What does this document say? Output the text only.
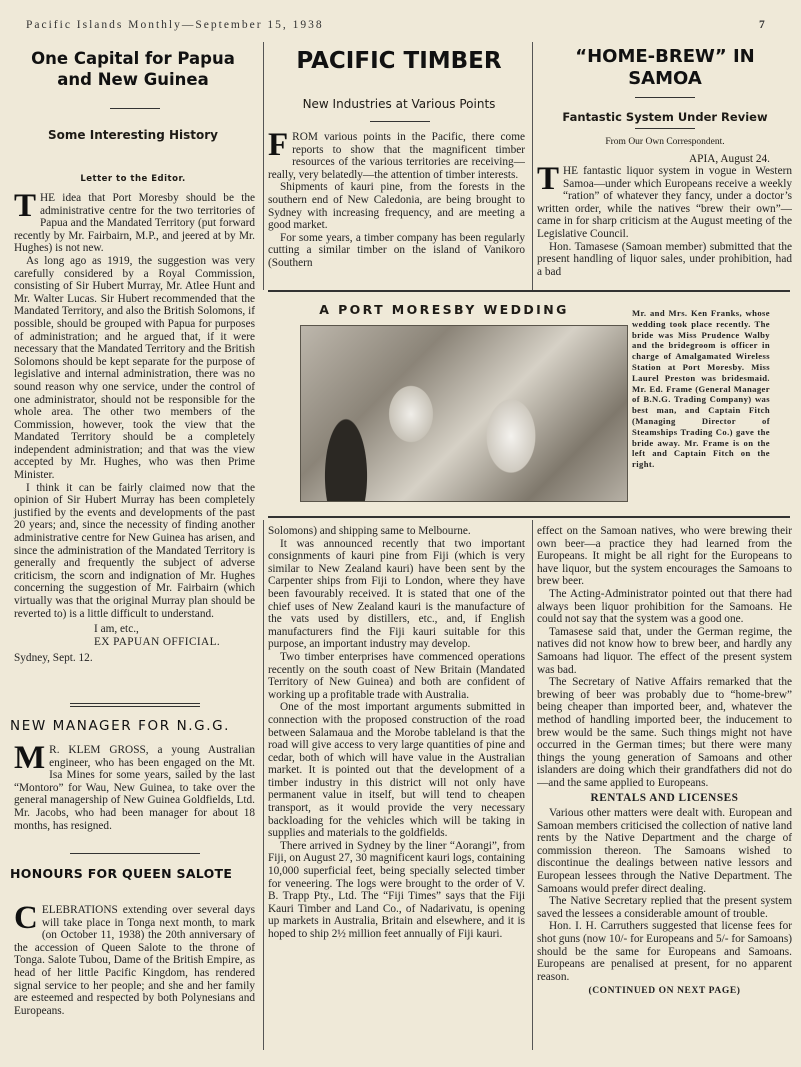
Pacific Islands Monthly—September 15, 1938	7
One Capital for Papua and New Guinea
Some Interesting History
Letter to the Editor.

THE idea that Port Moresby should be the administrative centre for the two territories of Papua and the Mandated Territory (put forward recently by Mr. Fairbairn, M.P., and jeered at by Mr. Hughes) is not new.

As long ago as 1919, the suggestion was very carefully considered by a Royal Commission, consisting of Sir Hubert Murray, Mr. Atlee Hunt and Mr. Walter Lucas. Sir Hubert recommended that the Mandated Territory, and also the British Solomons, if possible, should be grouped with Papua for purposes of administration; and he argued that, if it were necessary that the Mandated Territory and the British Solomons should be kept separate for the purpose of legislative and internal administration, there was no sound reason why one service, under the control of one administrator, should not be responsible for the whole area. The other two members of the Commission, however, took the view that the Mandated Territory should be a completely independent administration; and that was the view accepted by Mr. Hughes, who was then Prime Minister.

I think it can be fairly claimed now that the opinion of Sir Hubert Murray has been completely justified by the events and developments of the past 20 years; and, since the necessity of finding another administrative centre for New Guinea has arisen, and since the administration of the Mandated Territory is generally and frequently the subject of adverse criticism, the scorn and indignation of Mr. Hughes concerning the suggestion of Mr. Fairbairn (which virtually was that the original Murray plan should be reverted to) is a little difficult to understand.

I am, etc.,

EX PAPUAN OFFICIAL.

Sydney, Sept. 12.

NEW MANAGER FOR N.G.G.

M R. KLEM GROSS, a young Australian engineer, who has been engaged on the Mt. Isa Mines for some years, sailed by the last “Montoro” for Wau, New Guinea, to take over the general managership of New Guinea Goldfields, Ltd. Mr. Jacobs, who had been manager for about 18 months, has resigned.

HONOURS FOR QUEEN SALOTE

CELEBRATIONS extending over several days will take place in Tonga next month, to mark (on October 11, 1938) the 20th anniversary of the accession of Queen Salote to the throne of Tonga. Salote Tubou, Dame of the British Empire, as head of her little Pacific Kingdom, has rendered signal service to her people; and she and her family are esteemed and respected by both Polynesians and Europeans.

PACIFIC TIMBER
New Industries at Various Points

FROM various points in the Pacific, there come reports to show that the magnificent timber resources of the various territories are receiving—really, very belatedly—the attention of timber interests.

Shipments of kauri pine, from the forests in the southern end of New Caledonia, are being brought to Sydney with increasing frequency, and are meeting a good market.

For some years, a timber company has been regularly cutting a similar timber on the island of Vanikoro (Southern

“HOME-BREW” IN SAMOA
Fantastic System Under Review
From Our Own Correspondent.
APIA, August 24.

THE fantastic liquor system in vogue in Western Samoa—under which Europeans receive a weekly “ration” of whatever they fancy, under a doctor’s written order, while the natives “brew their own”—came in for sharp criticism at the August meeting of the Legislative Council.

Hon. Tamasese (Samoan member) submitted that the present handling of liquor sales, under prohibition, had a bad

A PORT MORESBY WEDDING	Mr. and Mrs. Ken Franks, whose wedding took place recently. The bride was Miss Prudence Walby and the bridegroom is officer in charge of Amalgamated Wireless Station at Port Moresby. Miss Laurel Preston was bridesmaid. Mr. Ed. Frame (General Manager of B.N.G. Trading Company) was best man, and Captain Fitch (Managing Director of Steamships Trading Co.) gave the bride away. Mr. Frame is on the left and Captain Fitch on the right.

Solomons) and shipping same to Melbourne.

It was announced recently that two important consignments of kauri pine from Fiji (which is very similar to New Zealand kauri) have been sent by the Carpenter ships from Fiji to London, where they have been favourably received. It is stated that one of the chief uses of New Zealand kauri is the manufacture of the vats used by distillers, etc., and, if English manufacturers find the Fiji kauri suitable for this purpose, an important industry may develop.

Two timber enterprises have commenced operations recently on the south coast of New Britain (Mandated Territory of New Guinea) and both are confident of working up a profitable trade with Australia.

One of the most important arguments submitted in connection with the proposed construction of the road between Salamaua and the Morobe tableland is that the road will give access to very large quantities of pine and cedar, both of which will have value in the Australian market. It is pointed out that the development of a timber industry in this district will not only have permanent value in itself, but will tend to cheapen transport, as it would provide the very necessary backloading for the vehicles which will be taking in supplies and materials to the goldfields.

There arrived in Sydney by the liner “Aorangi”, from Fiji, on August 27, 30 magnificent kauri logs, containing 10,000 superficial feet, being specially selected timber for veneering. The logs were brought to the order of V. B. Trapp Pty., Ltd. The “Fiji Times” says that the Fiji Kauri Timber and Land Co., of Nadarivatu, is opening up markets in Australia, Britain and elsewhere, and it is hoped to ship 2½ million feet annually of Fiji kauri.

effect on the Samoan natives, who were brewing their own beer—a practice they had learned from the Europeans. It might be all right for the Europeans to have liquor, but the system encourages the Samoans to brew beer.

The Acting-Administrator pointed out that there had always been liquor prohibition for the Samoans. He could not say that the system was a good one.

Tamasese said that, under the German regime, the natives did not know how to brew beer, and hardly any Samoans had liquor. The effect of the present system was bad.

The Secretary of Native Affairs remarked that the brewing of beer was probably due to “home-brew” being cheaper than imported beer, and, whatever the method of handling imported beer, the inducement to brew would be the same. Such things might not have occurred in the German times; but there were many things the young generation of Samoans and other islanders are doing which their grandfathers did not do—and the same applied to Europeans.

RENTALS AND LICENSES

Various other matters were dealt with. European and Samoan members criticised the collection of native land rents by the Native Department and the charge of commission thereon. The Samoans wished to discontinue the dealings between native lessors and European lessees through the Native Department. The Samoans would prefer direct dealing.

The Native Secretary replied that the present system saved the lessees a considerable amount of trouble.

Hon. I. H. Carruthers suggested that license fees for shot guns (now 10/- for Europeans and 5/- for Samoans) should be the same for Europeans and Samoans. Europeans are penalised at present, for no apparent reason.

(CONTINUED ON NEXT PAGE)
